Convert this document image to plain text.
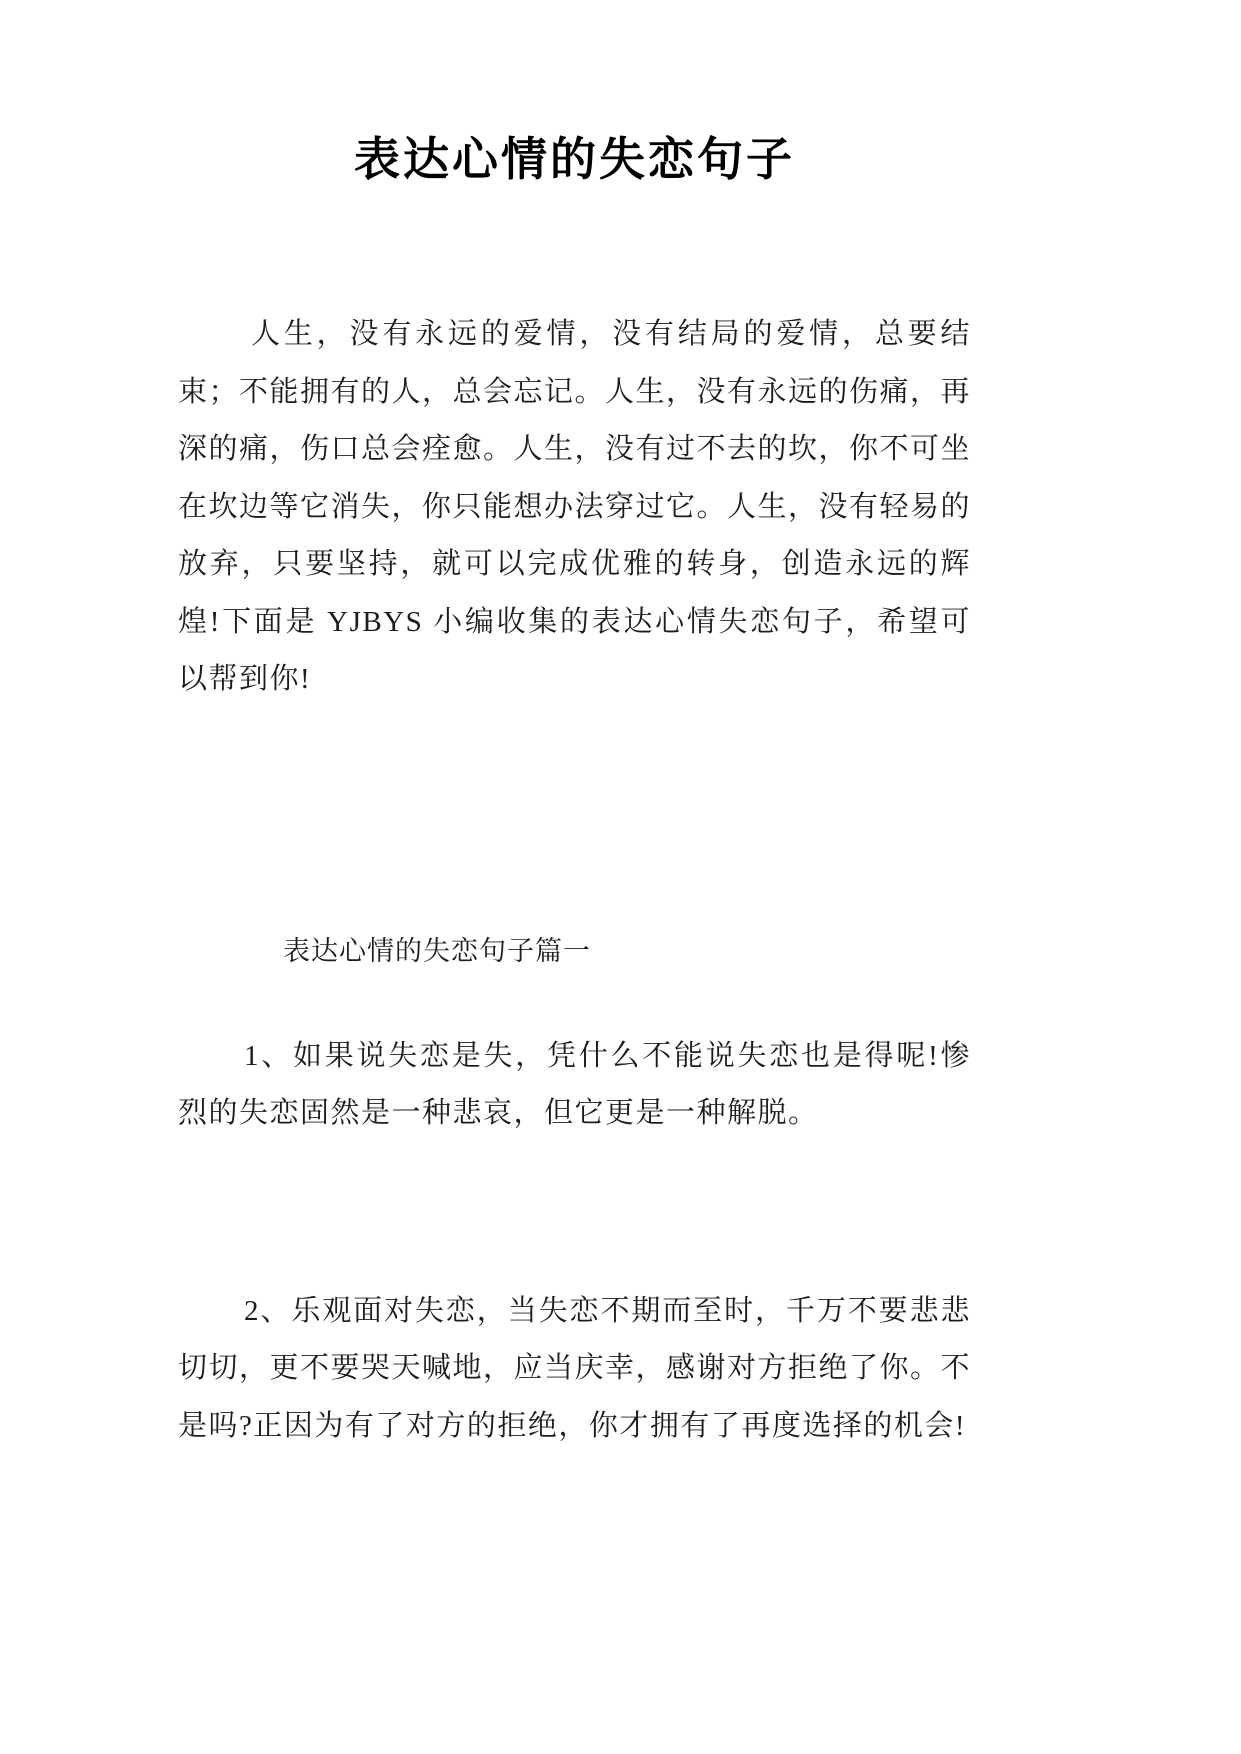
表达心情的失恋句子

人生，没有永远的爱情，没有结局的爱情，总要结束；不能拥有的人，总会忘记。人生，没有永远的伤痛，再深的痛，伤口总会痊愈。人生，没有过不去的坎，你不可坐在坎边等它消失，你只能想办法穿过它。人生，没有轻易的放弃，只要坚持，就可以完成优雅的转身，创造永远的辉煌!下面是 YJBYS 小编收集的表达心情失恋句子，希望可以帮到你!

表达心情的失恋句子篇一

1、如果说失恋是失，凭什么不能说失恋也是得呢!惨烈的失恋固然是一种悲哀，但它更是一种解脱。

2、乐观面对失恋，当失恋不期而至时，千万不要悲悲切切，更不要哭天喊地，应当庆幸，感谢对方拒绝了你。不是吗?正因为有了对方的拒绝，你才拥有了再度选择的机会!
